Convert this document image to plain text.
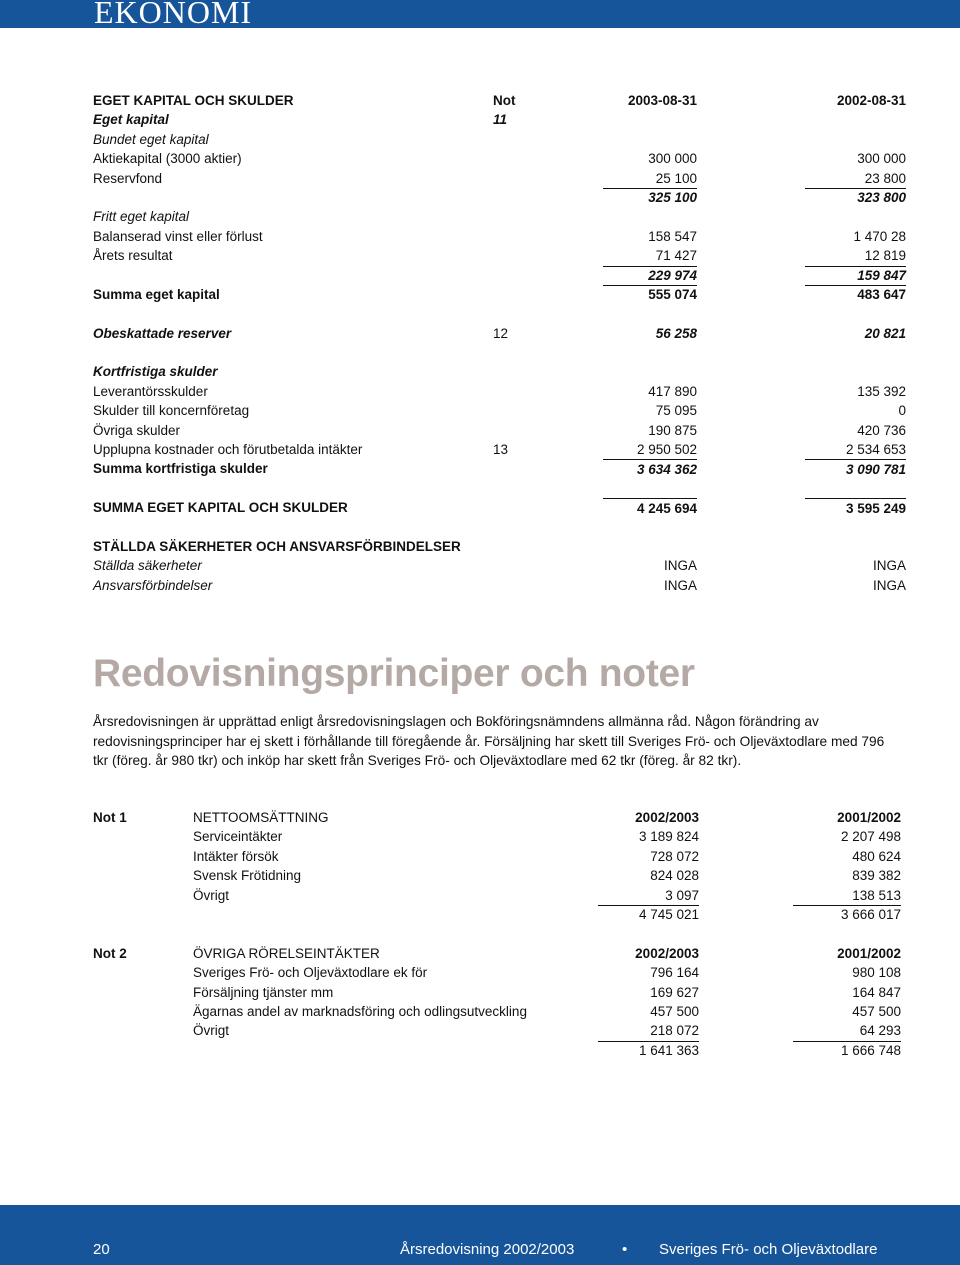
EKONOMI
EGET KAPITAL OCH SKULDER	Not	2003-08-31	2002-08-31
Eget kapital	11
Bundet eget kapital
Aktiekapital (3000 aktier)	300 000	300 000
Reservfond	25 100	23 800
325 100	323 800
Fritt eget kapital
Balanserad vinst eller förlust	158 547	1 470 28
Årets resultat	71 427	12 819
229 974	159 847
Summa eget kapital	555 074	483 647
Obeskattade reserver	12	56 258	20 821
Kortfristiga skulder
Leverantörsskulder	417 890	135 392
Skulder till koncernföretag	75 095	0
Övriga skulder	190 875	420 736
Upplupna kostnader och förutbetalda intäkter	13	2 950 502	2 534 653
Summa kortfristiga skulder	3 634 362	3 090 781
SUMMA EGET KAPITAL OCH SKULDER	4 245 694	3 595 249
STÄLLDA SÄKERHETER OCH ANSVARSFÖRBINDELSER
Ställda säkerheter	INGA	INGA
Ansvarsförbindelser	INGA	INGA
Redovisningsprinciper och noter
Årsredovisningen är upprättad enligt årsredovisningslagen och Bokföringsnämndens allmänna råd. Någon förändring av redovisningsprinciper har ej skett i förhållande till föregående år. Försäljning har skett till Sveriges Frö- och Oljeväxtodlare med 796 tkr (föreg. år 980 tkr) och inköp har skett från Sveriges Frö- och Oljeväxtodlare med 62 tkr (föreg. år 82 tkr).
Not 1	NETTOOMSÄTTNING	2002/2003	2001/2002
Serviceintäkter	3 189 824	2 207 498
Intäkter försök	728 072	480 624
Svensk Frötidning	824 028	839 382
Övrigt	3 097	138 513
4 745 021	3 666 017
Not 2	ÖVRIGA RÖRELSEINTÄKTER	2002/2003	2001/2002
Sveriges Frö- och Oljeväxtodlare ek för	796 164	980 108
Försäljning tjänster mm	169 627	164 847
Ägarnas andel av marknadsföring och odlingsutveckling	457 500	457 500
Övrigt	218 072	64 293
1 641 363	1 666 748
20	Årsredovisning 2002/2003	• Sveriges Frö- och Oljeväxtodlare
